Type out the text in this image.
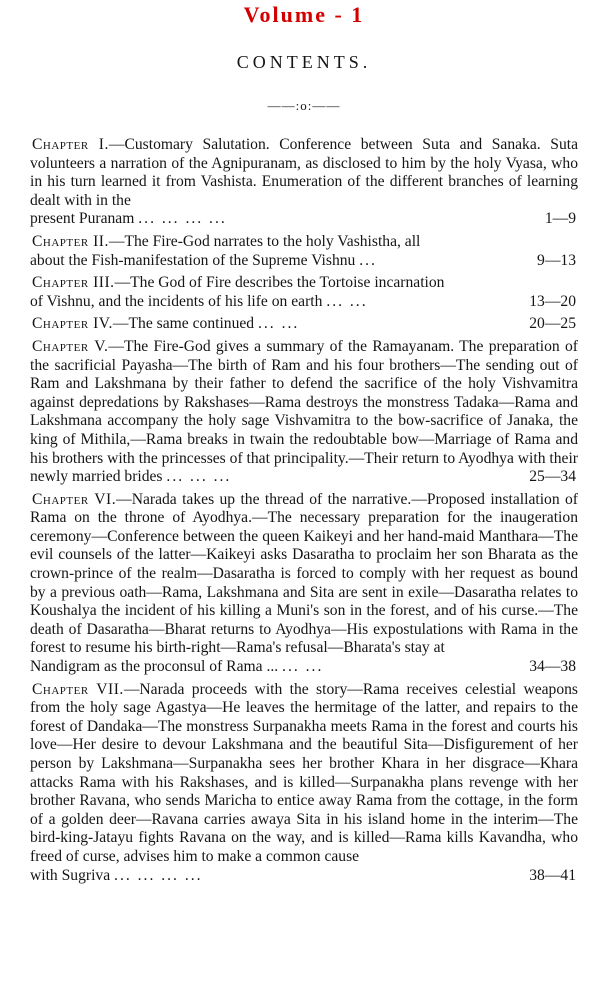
Volume - 1
CONTENTS.
——:o:——
Chapter I.—Customary Salutation. Conference between Suta and Sanaka. Suta volunteers a narration of the Agnipuranam, as disclosed to him by the holy Vyasa, who in his turn learned it from Vashista. Enumeration of the different branches of learning dealt with in the
present Puranam ... ... ... ...	1—9
Chapter II.—The Fire-God narrates to the holy Vashistha, all
about the Fish-manifestation of the Supreme Vishnu ...	9—13
Chapter III.—The God of Fire describes the Tortoise incarnation
of Vishnu, and the incidents of his life on earth ... ...	13—20
Chapter IV.—The same continued ... ...	20—25
Chapter V.—The Fire-God gives a summary of the Ramayanam. The preparation of the sacrificial Payasha—The birth of Ram and his four brothers—The sending out of Ram and Lakshmana by their father to defend the sacrifice of the holy Vishvamitra against depredations by Rakshases—Rama destroys the monstress Tadaka—Rama and Lakshmana accompany the holy sage Vishvamitra to the bow-sacrifice of Janaka, the king of Mithila,—Rama breaks in twain the redoubtable bow—Marriage of Rama and his brothers with the princesses of that principality.—Their return to Ayodhya with their
newly married brides ... ... ...	25—34
Chapter VI.—Narada takes up the thread of the narrative.—Proposed installation of Rama on the throne of Ayodhya.—The necessary preparation for the inaugeration ceremony—Conference between the queen Kaikeyi and her hand-maid Manthara—The evil counsels of the latter—Kaikeyi asks Dasaratha to proclaim her son Bharata as the crown-prince of the realm—Dasaratha is forced to comply with her request as bound by a previous oath—Rama, Lakshmana and Sita are sent in exile—Dasaratha relates to Koushalya the incident of his killing a Muni's son in the forest, and of his curse.—The death of Dasaratha—Bharat returns to Ayodhya—His expostulations with Rama in the forest to resume his birth-right—Rama's refusal—Bharata's stay at
Nandigram as the proconsul of Rama ... ... ...	34—38
Chapter VII.—Narada proceeds with the story—Rama receives celestial weapons from the holy sage Agastya—He leaves the hermitage of the latter, and repairs to the forest of Dandaka—The monstress Surpanakha meets Rama in the forest and courts his love—Her desire to devour Lakshmana and the beautiful Sita—Disfigurement of her person by Lakshmana—Surpanakha sees her brother Khara in her disgrace—Khara attacks Rama with his Rakshases, and is killed—Surpanakha plans revenge with her brother Ravana, who sends Maricha to entice away Rama from the cottage, in the form of a golden deer—Ravana carries awaya Sita in his island home in the interim—The bird-king-Jatayu fights Ravana on the way, and is killed—Rama kills Kavandha, who freed of curse, advises him to make a common cause
with Sugriva ... ... ... ...	38—41
